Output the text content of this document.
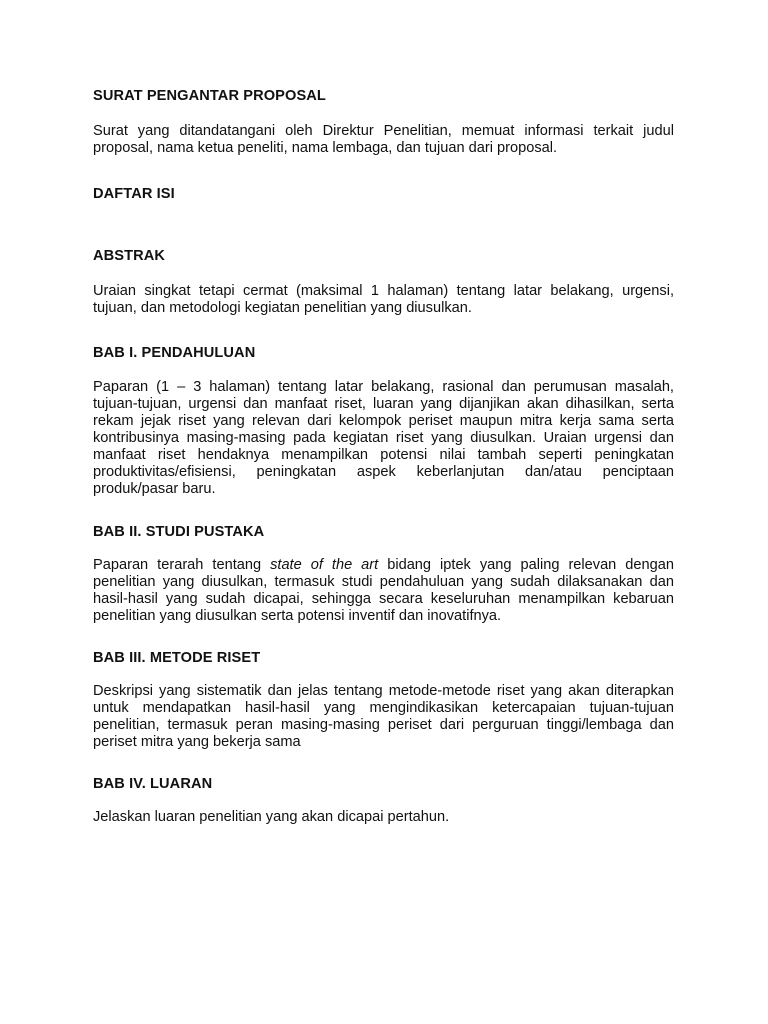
SURAT PENGANTAR PROPOSAL

Surat yang ditandatangani oleh Direktur Penelitian, memuat informasi terkait judul proposal, nama ketua peneliti, nama lembaga, dan tujuan dari proposal.

DAFTAR ISI

ABSTRAK

Uraian singkat tetapi cermat (maksimal 1 halaman) tentang latar belakang, urgensi, tujuan, dan metodologi kegiatan penelitian yang diusulkan.

BAB I. PENDAHULUAN

Paparan (1 – 3 halaman) tentang latar belakang, rasional dan perumusan masalah, tujuan-tujuan, urgensi dan manfaat riset, luaran yang dijanjikan akan dihasilkan, serta rekam jejak riset yang relevan dari kelompok periset maupun mitra kerja sama serta kontribusinya masing-masing pada kegiatan riset yang diusulkan. Uraian urgensi dan manfaat riset hendaknya menampilkan potensi nilai tambah seperti peningkatan produktivitas/efisiensi, peningkatan aspek keberlanjutan dan/atau penciptaan produk/pasar baru.

BAB II. STUDI PUSTAKA

Paparan terarah tentang state of the art bidang iptek yang paling relevan dengan penelitian yang diusulkan, termasuk studi pendahuluan yang sudah dilaksanakan dan hasil-hasil yang sudah dicapai, sehingga secara keseluruhan menampilkan kebaruan penelitian yang diusulkan serta potensi inventif dan inovatifnya.

BAB III. METODE RISET

Deskripsi yang sistematik dan jelas tentang metode-metode riset yang akan diterapkan untuk mendapatkan hasil-hasil yang mengindikasikan ketercapaian tujuan-tujuan penelitian, termasuk peran masing-masing periset dari perguruan tinggi/lembaga dan periset mitra yang bekerja sama

BAB IV. LUARAN

Jelaskan luaran penelitian yang akan dicapai pertahun.
